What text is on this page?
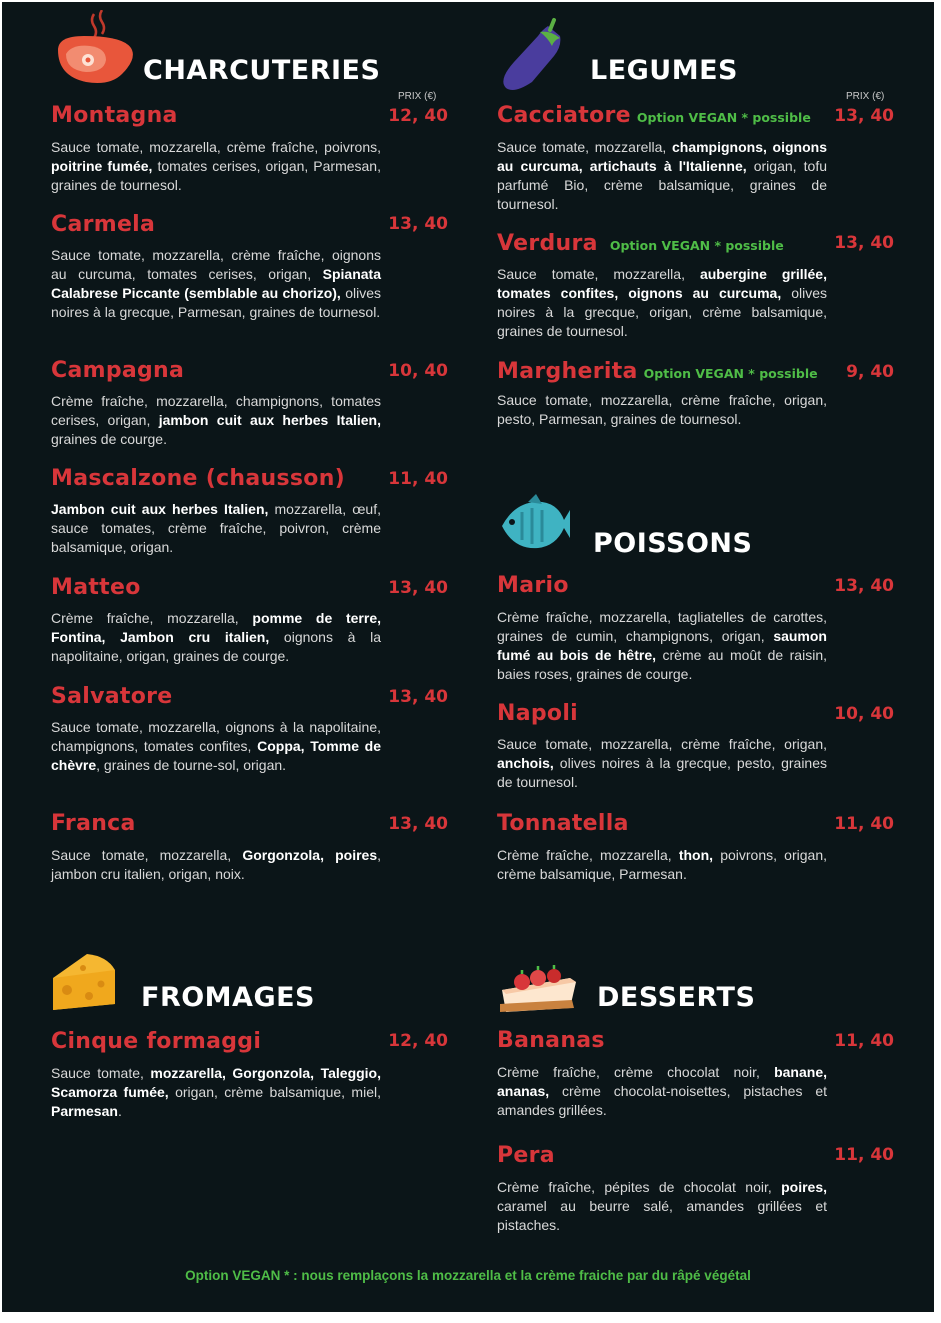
CHARCUTERIES
PRIX (€)
LEGUMES
PRIX (€)
Montagna	12, 40
Sauce tomate, mozzarella, crème fraîche, poivrons, poitrine fumée, tomates cerises, origan, Parmesan, graines de tournesol.
Carmela	13, 40
Sauce tomate, mozzarella, crème fraîche, oignons au curcuma, tomates cerises, origan, Spianata Calabrese Piccante (semblable au chorizo), olives noires à la grecque, Parmesan, graines de tournesol.
Campagna	10, 40
Crème fraîche, mozzarella, champignons, tomates cerises, origan, jambon cuit aux herbes Italien, graines de courge.
Mascalzone (chausson)	11, 40
Jambon cuit aux herbes Italien, mozzarella, œuf, sauce tomates, crème fraîche, poivron, crème balsamique, origan.
Matteo	13, 40
Crème fraîche, mozzarella, pomme de terre, Fontina, Jambon cru italien, oignons à la napolitaine, origan, graines de courge.
Salvatore	13, 40
Sauce tomate, mozzarella, oignons à la napolitaine, champignons, tomates confites, Coppa, Tomme de chèvre, graines de tourne-sol, origan.
Franca	13, 40
Sauce tomate, mozzarella, Gorgonzola, poires, jambon cru italien, origan, noix.
Cacciatore Option VEGAN * possible	13, 40
Sauce tomate, mozzarella, champignons, oignons au curcuma, artichauts à l'Italienne, origan, tofu parfumé Bio, crème balsamique, graines de tournesol.
Verdura Option VEGAN * possible	13, 40
Sauce tomate, mozzarella, aubergine grillée, tomates confites, oignons au curcuma, olives noires à la grecque, origan, crème balsamique, graines de tournesol.
Margherita Option VEGAN * possible	9, 40
Sauce tomate, mozzarella, crème fraîche, origan, pesto, Parmesan, graines de tournesol.
POISSONS
Mario	13, 40
Crème fraîche, mozzarella, tagliatelles de carottes, graines de cumin, champignons, origan, saumon fumé au bois de hêtre, crème au moût de raisin, baies roses, graines de courge.
Napoli	10, 40
Sauce tomate, mozzarella, crème fraîche, origan, anchois, olives noires à la grecque, pesto, graines de tournesol.
Tonnatella	11, 40
Crème fraîche, mozzarella, thon, poivrons, origan, crème balsamique, Parmesan.
FROMAGES
Cinque formaggi	12, 40
Sauce tomate, mozzarella, Gorgonzola, Taleggio, Scamorza fumée, origan, crème balsamique, miel, Parmesan.
DESSERTS
Bananas	11, 40
Crème fraîche, crème chocolat noir, banane, ananas, crème chocolat-noisettes, pistaches et amandes grillées.
Pera	11, 40
Crème fraîche, pépites de chocolat noir, poires, caramel au beurre salé, amandes grillées et pistaches.
Option VEGAN * : nous remplaçons la mozzarella et la crème fraiche par du râpé végétal
